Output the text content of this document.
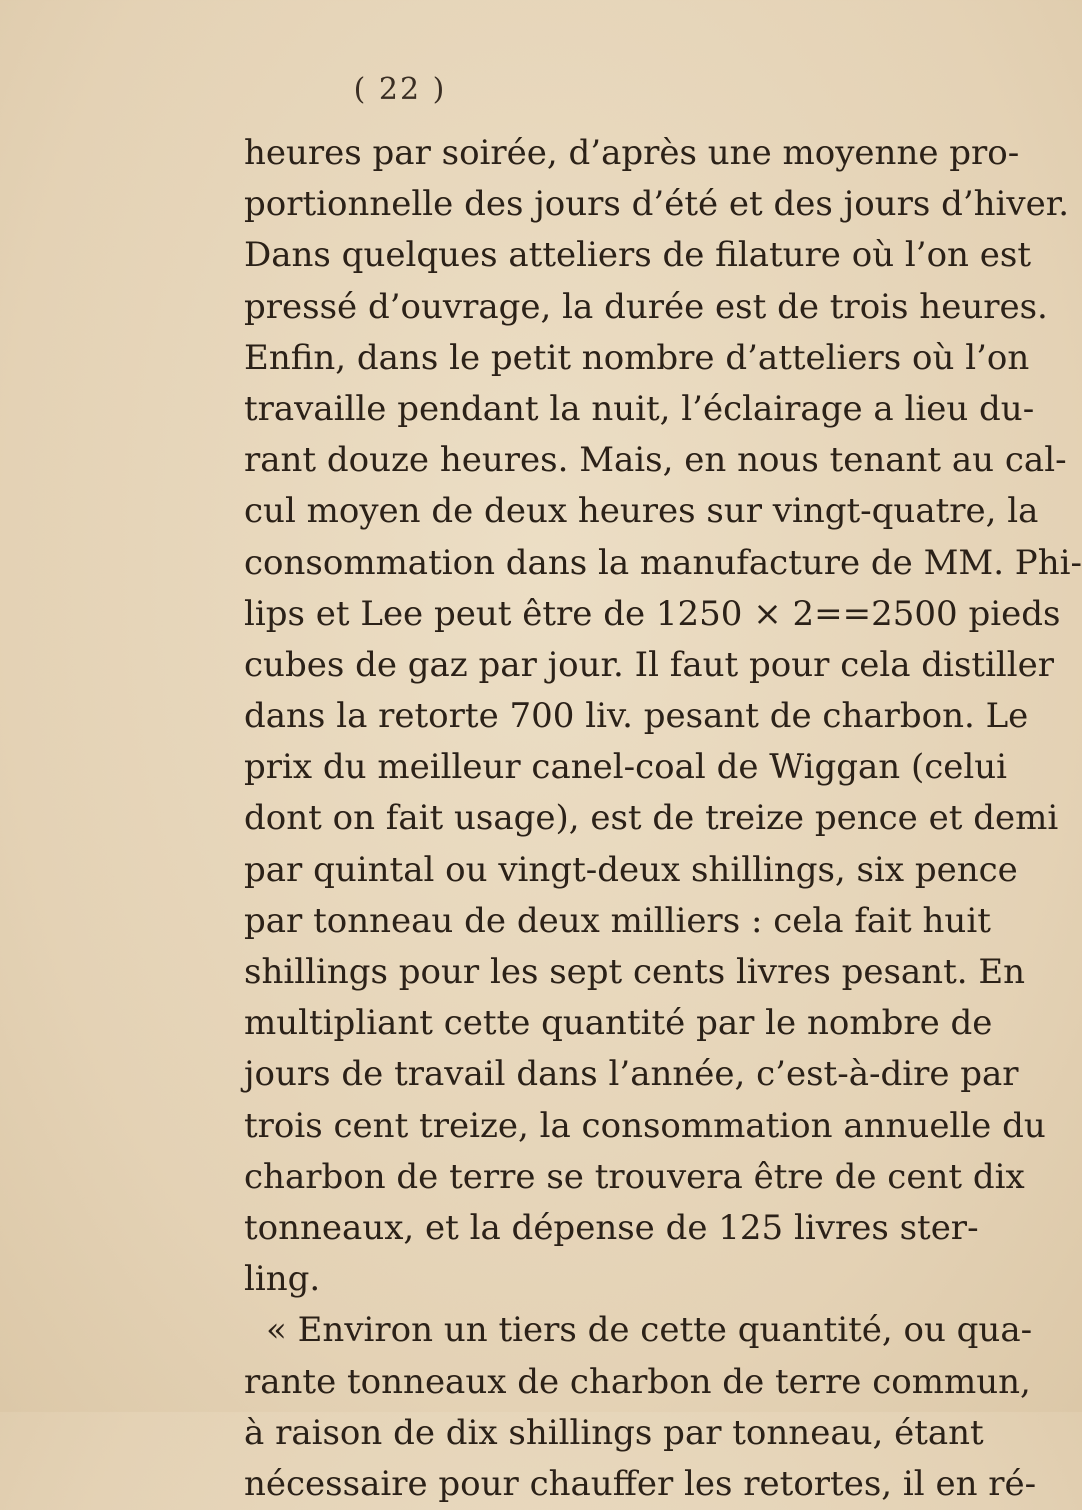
( 22 )
heures par soirée, d’après une moyenne pro-
portionnelle des jours d’été et des jours d’hiver.
Dans quelques atteliers de filature où l’on est
pressé d’ouvrage, la durée est de trois heures.
Enfin, dans le petit nombre d’atteliers où l’on
travaille pendant la nuit, l’éclairage a lieu du-
rant douze heures. Mais, en nous tenant au cal-
cul moyen de deux heures sur vingt-quatre, la
consommation dans la manufacture de MM. Phi-
lips et Lee peut être de 1250 × 2==2500 pieds
cubes de gaz par jour. Il faut pour cela distiller
dans la retorte 700 liv. pesant de charbon. Le
prix du meilleur canel-coal de Wiggan (celui
dont on fait usage), est de treize pence et demi
par quintal ou vingt-deux shillings, six pence
par tonneau de deux milliers : cela fait huit
shillings pour les sept cents livres pesant. En
multipliant cette quantité par le nombre de
jours de travail dans l’année, c’est-à-dire par
trois cent treize, la consommation annuelle du
charbon de terre se trouvera être de cent dix
tonneaux, et la dépense de 125 livres ster-
ling.
« Environ un tiers de cette quantité, ou qua-
rante tonneaux de charbon de terre commun,
à raison de dix shillings par tonneau, étant
nécessaire pour chauffer les retortes, il en ré-
